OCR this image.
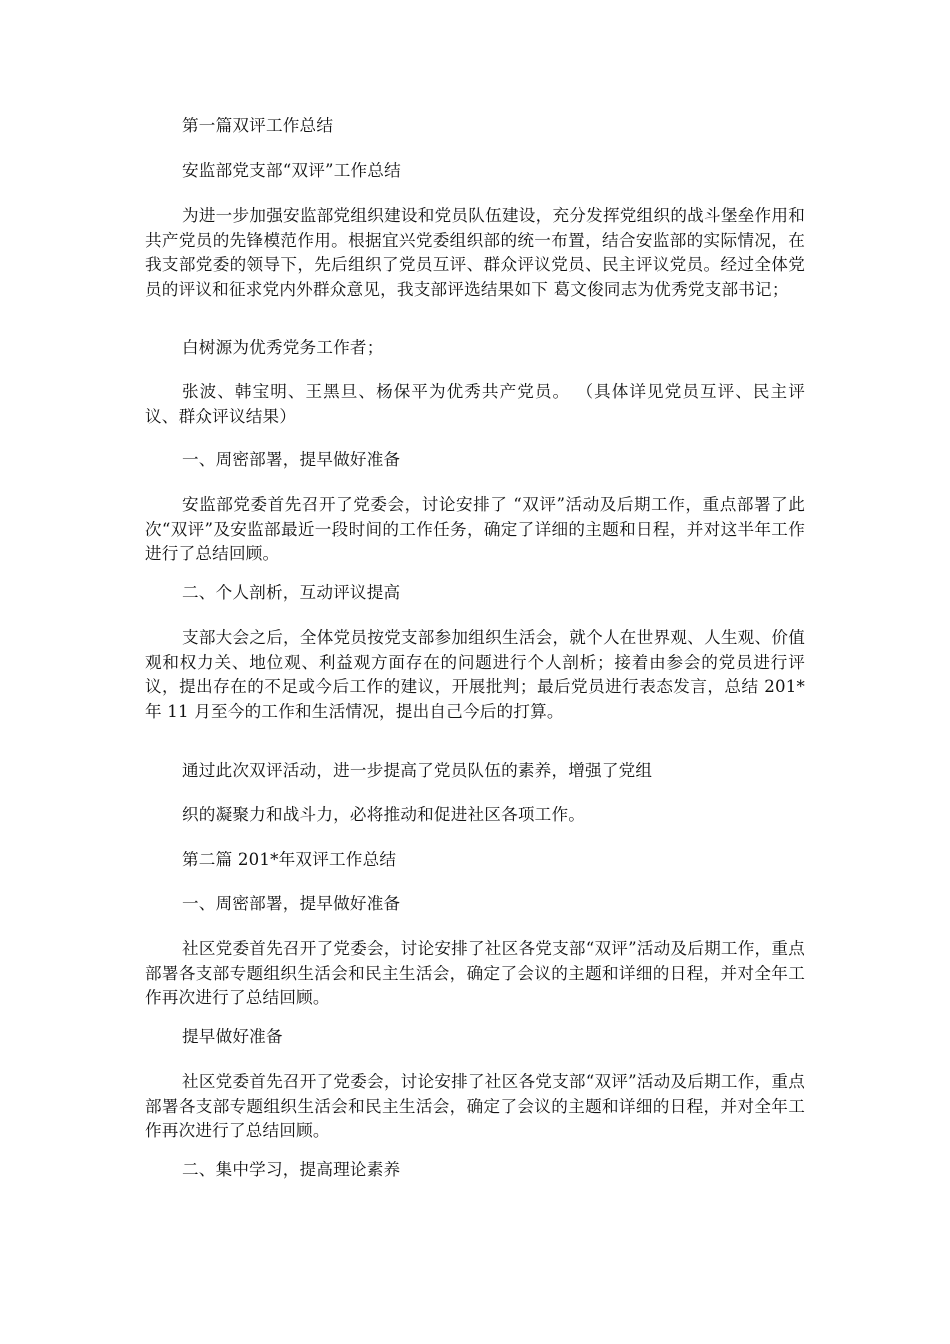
第一篇双评工作总结

安监部党支部“双评”工作总结

为进一步加强安监部党组织建设和党员队伍建设，充分发挥党组织的战斗堡垒作用和共产党员的先锋模范作用。根据宜兴党委组织部的统一布置，结合安监部的实际情况，在我支部党委的领导下，先后组织了党员互评、群众评议党员、民主评议党员。经过全体党员的评议和征求党内外群众意见，我支部评选结果如下 葛文俊同志为优秀党支部书记；

白树源为优秀党务工作者；

张波、韩宝明、王黑旦、杨保平为优秀共产党员。 （具体详见党员互评、民主评议、群众评议结果）

一、周密部署，提早做好准备

安监部党委首先召开了党委会，讨论安排了 “双评”活动及后期工作，重点部署了此次“双评”及安监部最近一段时间的工作任务，确定了详细的主题和日程，并对这半年工作进行了总结回顾。

二、个人剖析，互动评议提高

支部大会之后，全体党员按党支部参加组织生活会，就个人在世界观、人生观、价值观和权力关、地位观、利益观方面存在的问题进行个人剖析；接着由参会的党员进行评议，提出存在的不足或今后工作的建议，开展批判；最后党员进行表态发言，总结 201*年 11 月至今的工作和生活情况，提出自己今后的打算。

通过此次双评活动，进一步提高了党员队伍的素养，增强了党组

织的凝聚力和战斗力，必将推动和促进社区各项工作。

第二篇 201*年双评工作总结

一、周密部署，提早做好准备

社区党委首先召开了党委会，讨论安排了社区各党支部“双评”活动及后期工作，重点部署各支部专题组织生活会和民主生活会，确定了会议的主题和详细的日程，并对全年工作再次进行了总结回顾。

提早做好准备

社区党委首先召开了党委会，讨论安排了社区各党支部“双评”活动及后期工作，重点部署各支部专题组织生活会和民主生活会，确定了会议的主题和详细的日程，并对全年工作再次进行了总结回顾。

二、集中学习，提高理论素养
